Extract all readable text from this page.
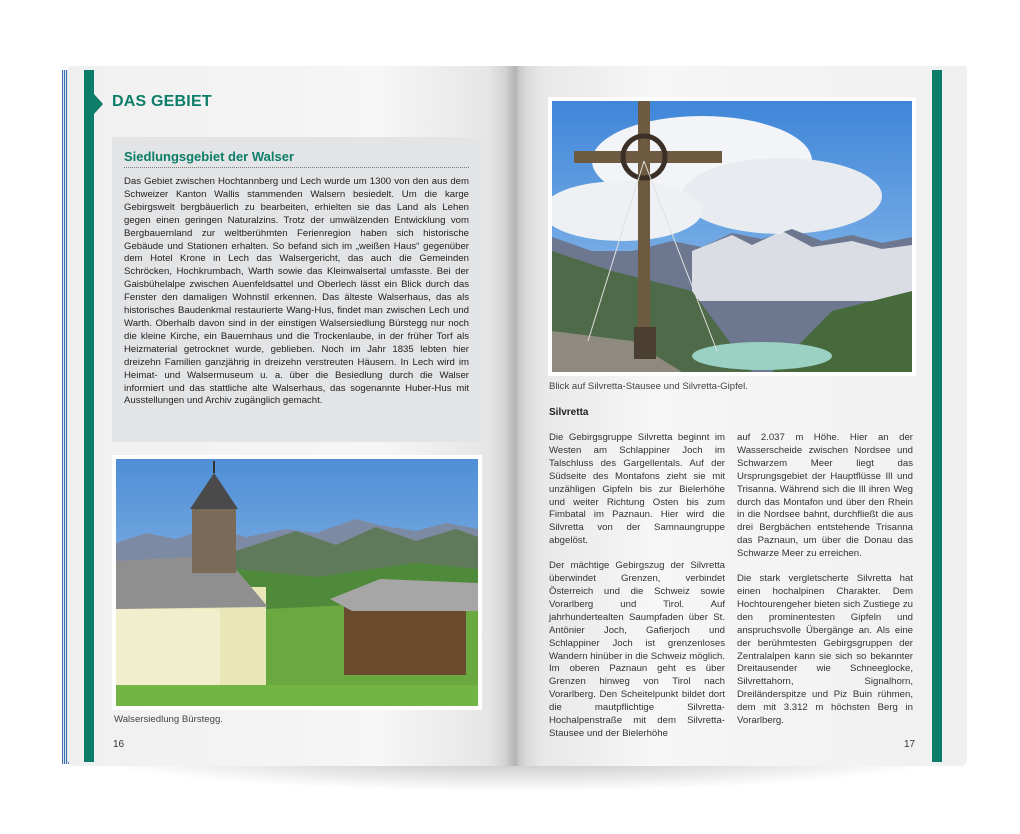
DAS GEBIET
Siedlungsgebiet der Walser
Das Gebiet zwischen Hochtannberg und Lech wurde um 1300 von den aus dem Schweizer Kanton Wallis stammenden Walsern besiedelt. Um die karge Gebirgswelt bergbäuerlich zu bearbeiten, erhielten sie das Land als Lehen gegen einen geringen Naturalzins. Trotz der umwälzenden Entwicklung vom Bergbauernland zur weltberühmten Ferienregion haben sich historische Gebäude und Stationen erhalten. So befand sich im „weißen Haus“ gegenüber dem Hotel Krone in Lech das Walsergericht, das auch die Gemeinden Schröcken, Hochkrumbach, Warth sowie das Kleinwalsertal umfasste. Bei der Gaisbühelalpe zwischen Auenfeldsattel und Oberlech lässt ein Blick durch das Fenster den damaligen Wohnstil erkennen. Das älteste Walserhaus, das als historisches Baudenkmal restaurierte Wang-Hus, findet man zwischen Lech und Warth. Oberhalb davon sind in der einstigen Walsersiedlung Bürstegg nur noch die kleine Kirche, ein Bauernhaus und die Trockenlaube, in der früher Torf als Heizmaterial getrocknet wurde, geblieben. Noch im Jahr 1835 lebten hier dreizehn Familien ganzjährig in dreizehn verstreuten Häusern. In Lech wird im Heimat- und Walsermuseum u. a. über die Besiedlung durch die Walser informiert und das stattliche alte Walserhaus, das sogenannte Huber-Hus mit Ausstellungen und Archiv zugänglich gemacht.
Walsersiedlung Bürstegg.
16
Blick auf Silvretta-Stausee und Silvretta-Gipfel.
Silvretta

Die Gebirgsgruppe Silvretta beginnt im Westen am Schlappiner Joch im Talschluss des Gargellentals. Auf der Südseite des Montafons zieht sie mit unzähligen Gipfeln bis zur Bielerhöhe und weiter Richtung Osten bis zum Fimbatal im Paznaun. Hier wird die Silvretta von der Samnaungruppe abgelöst.

Der mächtige Gebirgszug der Silvretta überwindet Grenzen, verbindet Österreich und die Schweiz sowie Vorarlberg und Tirol. Auf jahrhundertealten Saumpfaden über St. Antönier Joch, Gafierjoch und Schlappiner Joch ist grenzenloses Wandern hinüber in die Schweiz möglich. Im oberen Paznaun geht es über Grenzen hinweg von Tirol nach Vorarlberg. Den Scheitelpunkt bildet dort die mautpflichtige Silvretta-Hochalpenstraße mit dem Silvretta-Stausee und der Bielerhöhe

auf 2.037 m Höhe. Hier an der Wasserscheide zwischen Nordsee und Schwarzem Meer liegt das Ursprungsgebiet der Hauptflüsse Ill und Trisanna. Während sich die Ill ihren Weg durch das Montafon und über den Rhein in die Nordsee bahnt, durchfließt die aus drei Bergbächen entstehende Trisanna das Paznaun, um über die Donau das Schwarze Meer zu erreichen.

Die stark vergletscherte Silvretta hat einen hochalpinen Charakter. Dem Hochtourengeher bieten sich Zustiege zu den prominentesten Gipfeln und anspruchsvolle Übergänge an. Als eine der berühmtesten Gebirgsgruppen der Zentralalpen kann sie sich so bekannter Dreitausender wie Schneeglocke, Silvrettahorn, Signalhorn, Dreiländerspitze und Piz Buin rühmen, dem mit 3.312 m höchsten Berg in Vorarlberg.

17
